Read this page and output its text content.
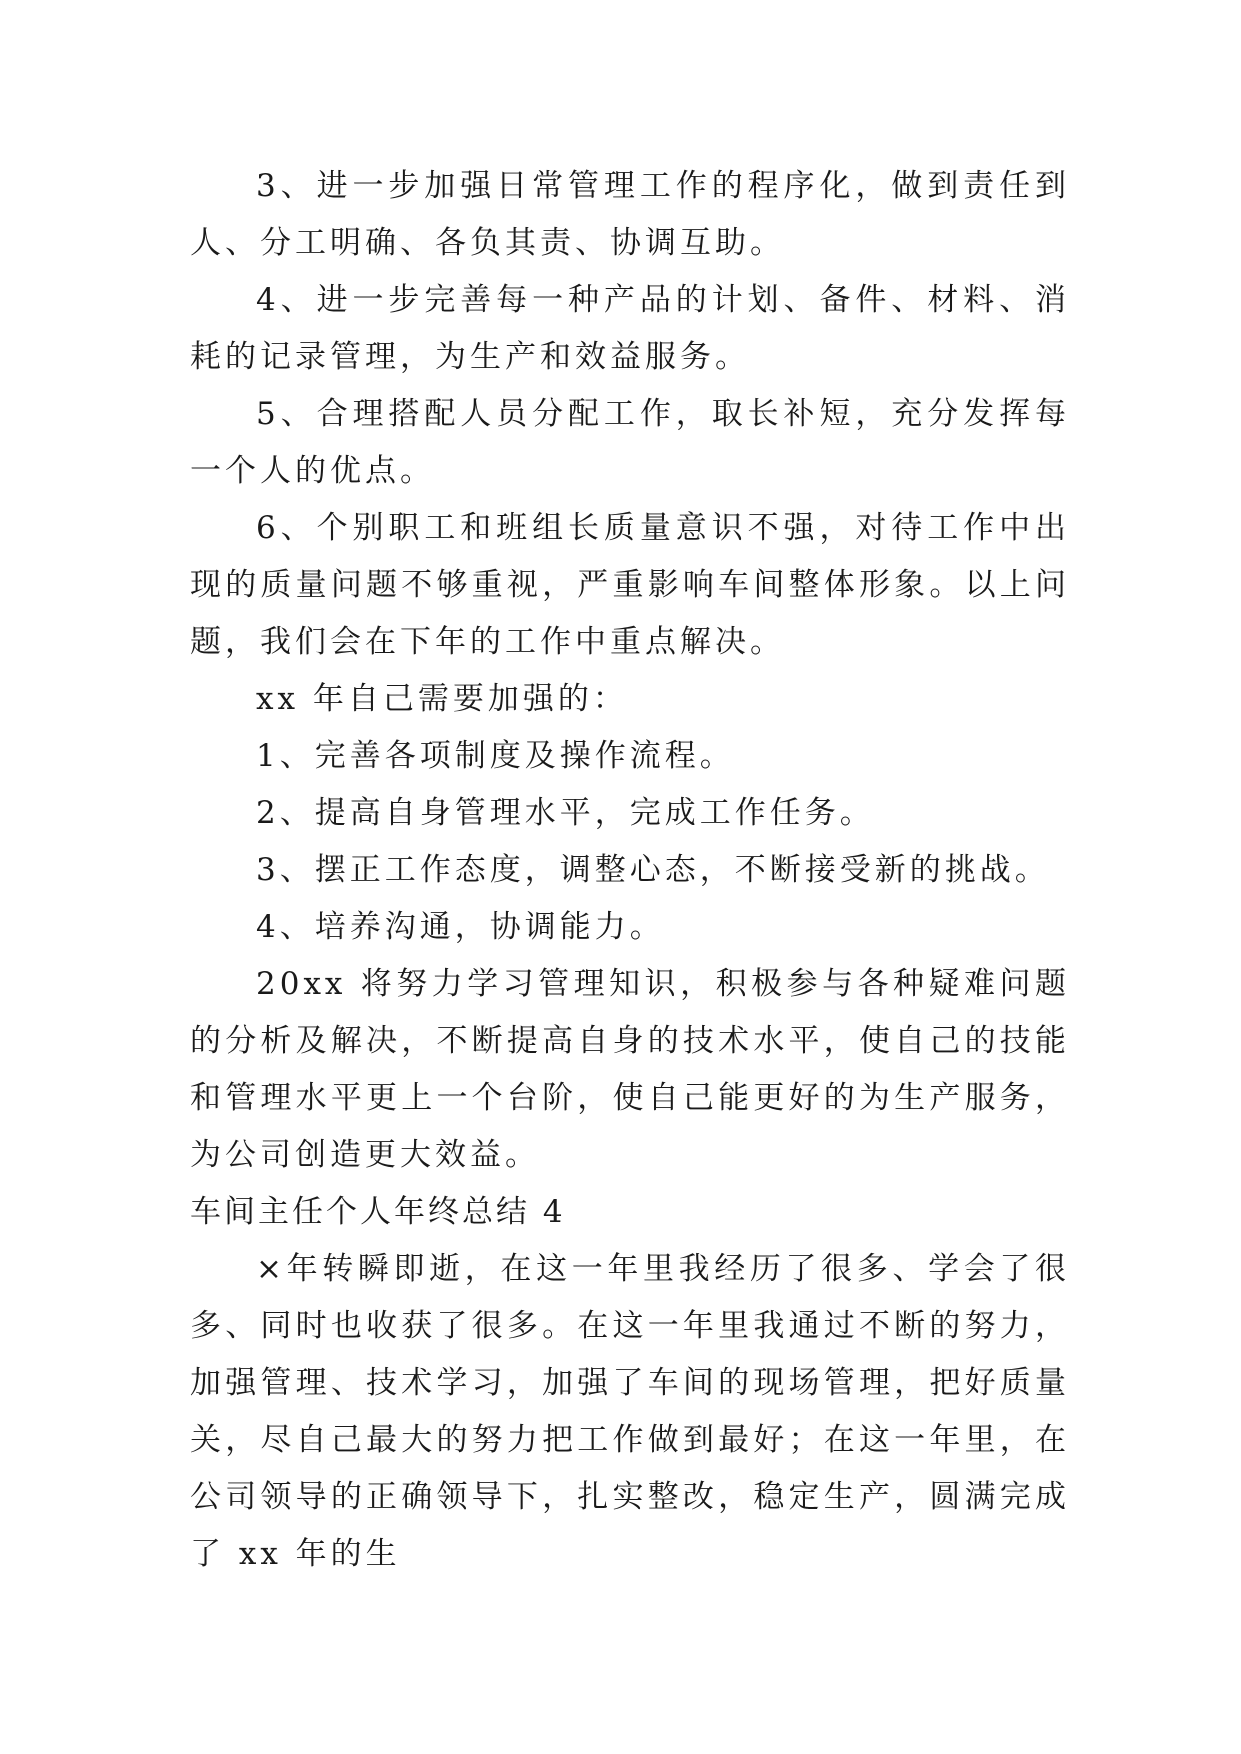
3、进一步加强日常管理工作的程序化，做到责任到人、分工明确、各负其责、协调互助。

4、进一步完善每一种产品的计划、备件、材料、消耗的记录管理，为生产和效益服务。

5、合理搭配人员分配工作，取长补短，充分发挥每一个人的优点。

6、个别职工和班组长质量意识不强，对待工作中出现的质量问题不够重视，严重影响车间整体形象。以上问题，我们会在下年的工作中重点解决。

xx 年自己需要加强的：

1、完善各项制度及操作流程。

2、提高自身管理水平，完成工作任务。

3、摆正工作态度，调整心态，不断接受新的挑战。

4、培养沟通，协调能力。

20xx 将努力学习管理知识，积极参与各种疑难问题的分析及解决，不断提高自身的技术水平，使自己的技能和管理水平更上一个台阶，使自己能更好的为生产服务，为公司创造更大效益。

车间主任个人年终总结 4

×年转瞬即逝，在这一年里我经历了很多、学会了很多、同时也收获了很多。在这一年里我通过不断的努力，加强管理、技术学习，加强了车间的现场管理，把好质量关，尽自己最大的努力把工作做到最好；在这一年里，在公司领导的正确领导下，扎实整改，稳定生产，圆满完成了 xx 年的生
